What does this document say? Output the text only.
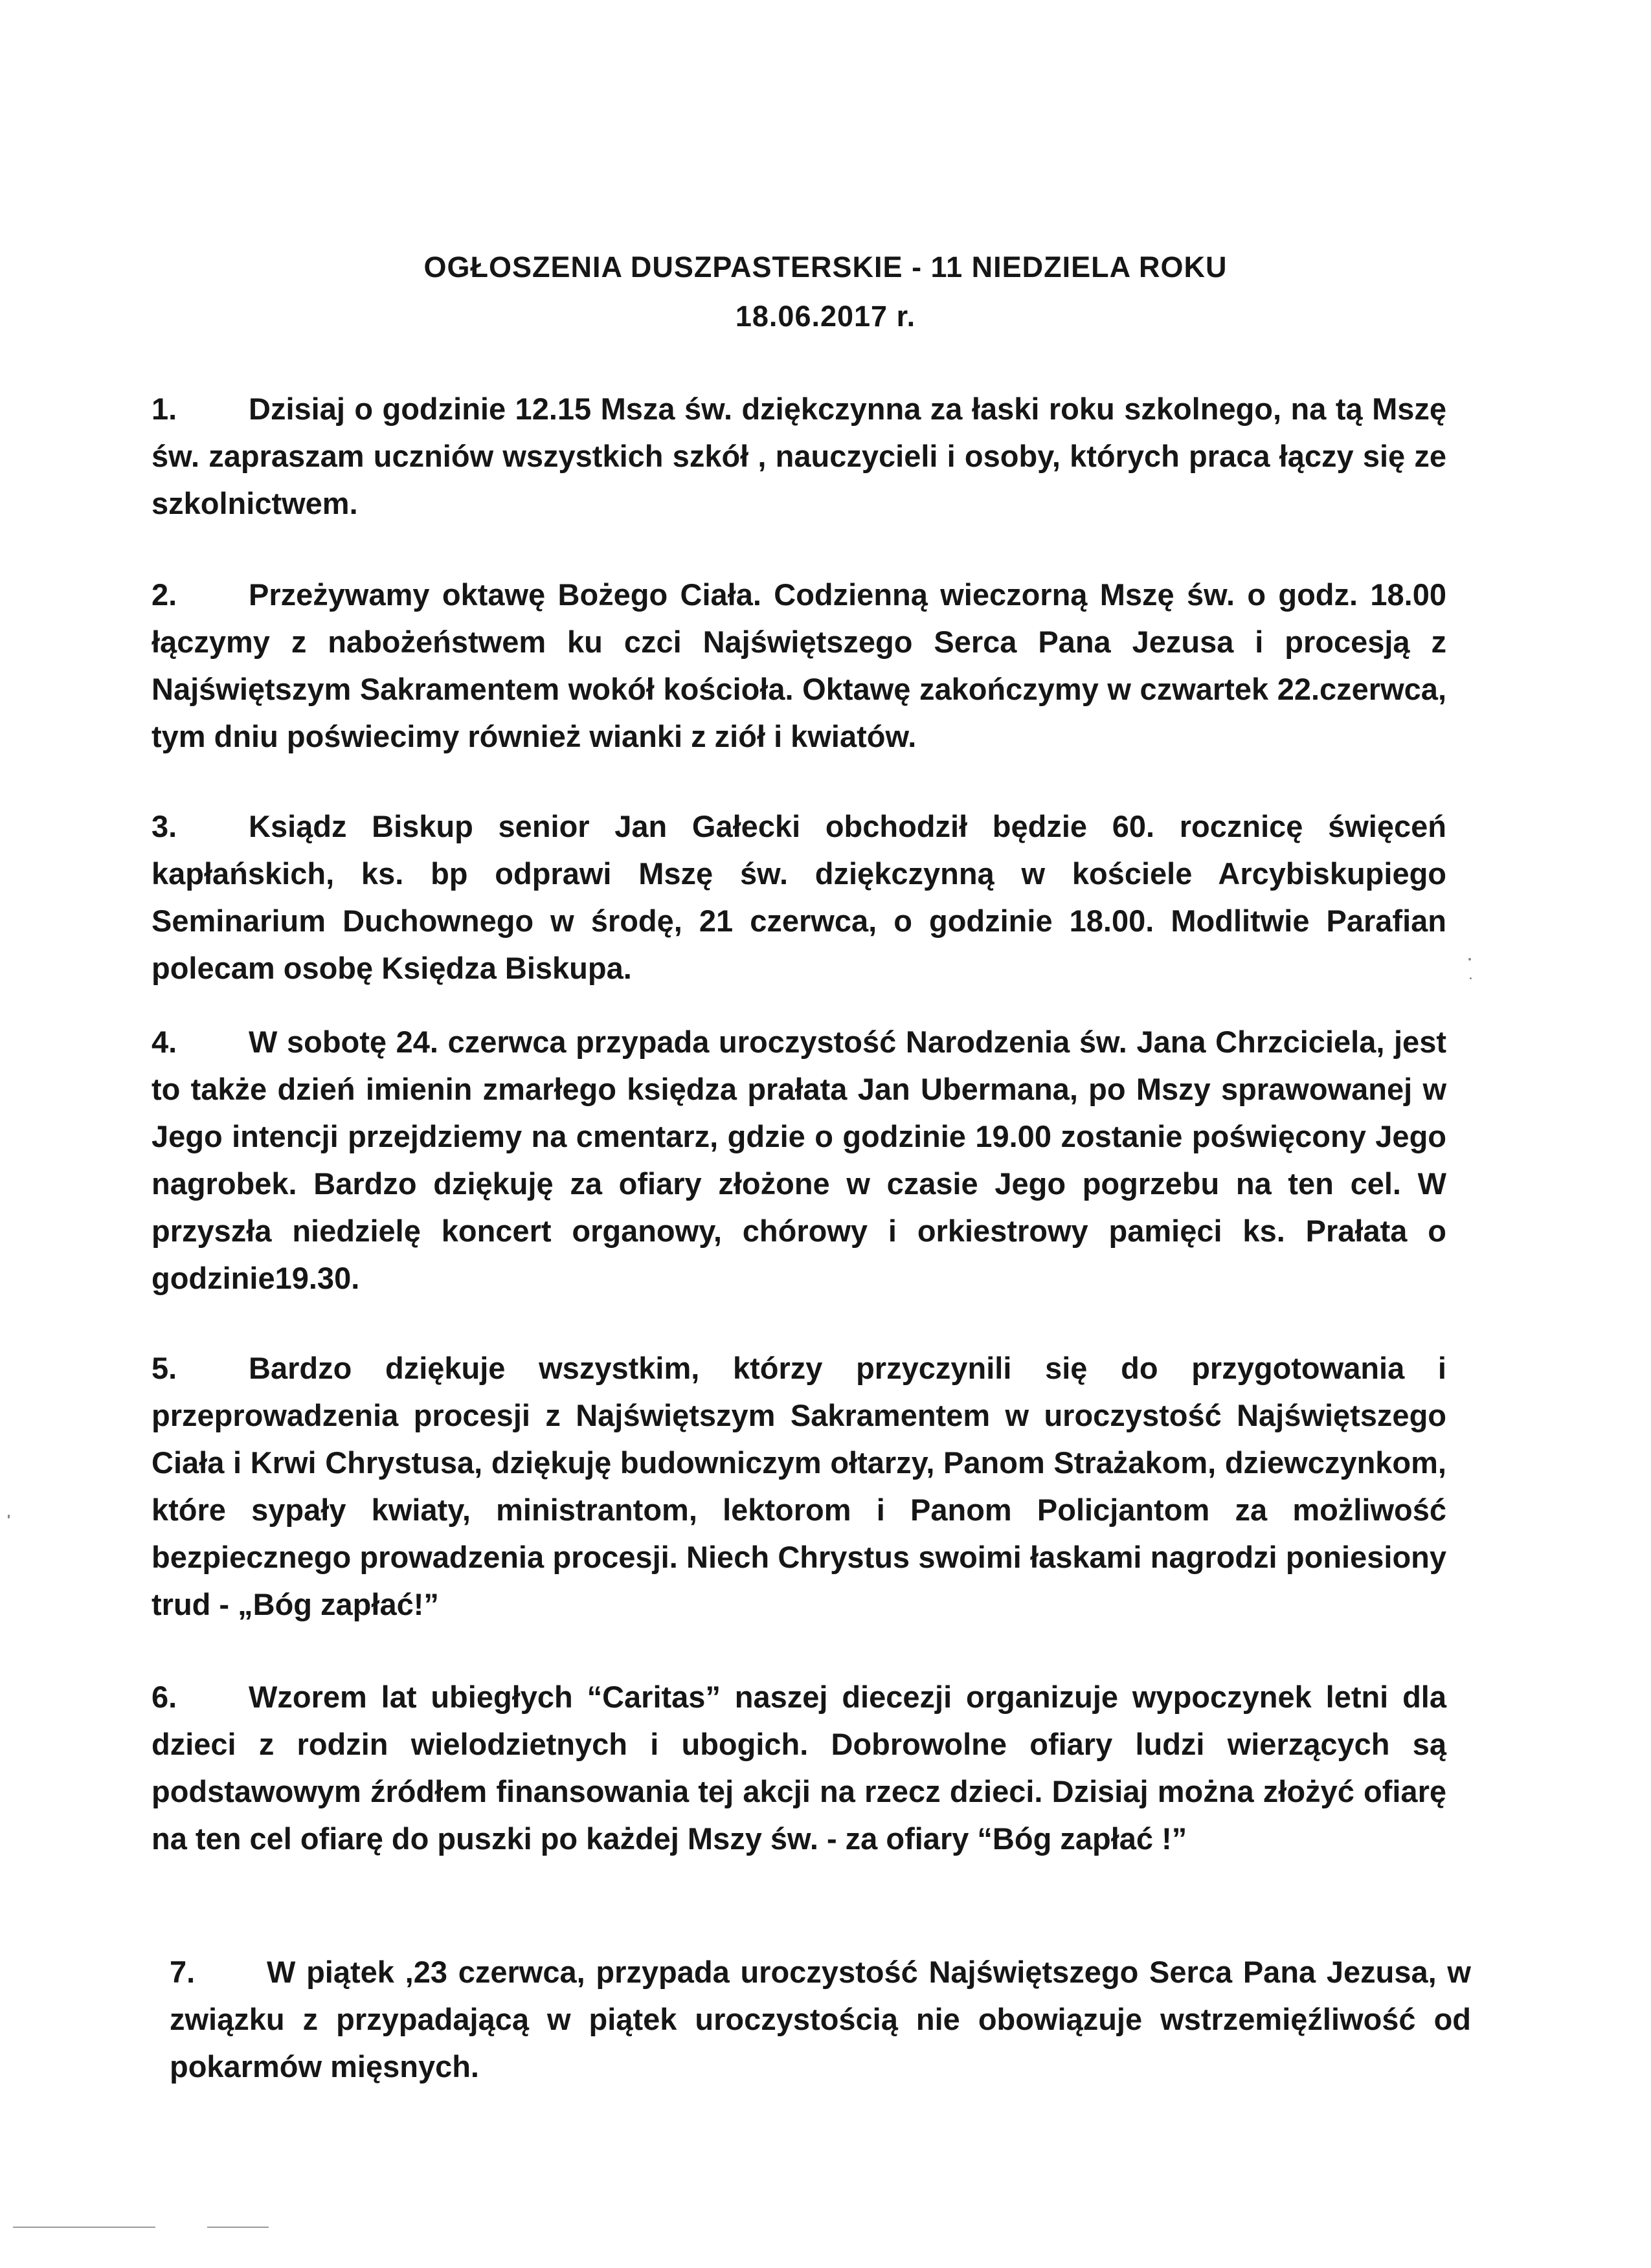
OGŁOSZENIA DUSZPASTERSKIE - 11 NIEDZIELA ROKU
18.06.2017 r.

1. Dzisiaj o godzinie 12.15 Msza św. dziękczynna za łaski roku szkolnego, na tą Mszę św. zapraszam uczniów wszystkich szkół , nauczycieli i osoby, których praca łączy się ze szkolnictwem.

2. Przeżywamy oktawę Bożego Ciała. Codzienną wieczorną Mszę św. o godz. 18.00 łączymy z nabożeństwem ku czci Najświętszego Serca Pana Jezusa i procesją z Najświętszym Sakramentem wokół kościoła. Oktawę zakończymy w czwartek 22.czerwca, tym dniu poświecimy również wianki z ziół i kwiatów.

3. Ksiądz Biskup senior Jan Gałecki obchodził będzie 60. rocznicę święceń kapłańskich, ks. bp odprawi Mszę św. dziękczynną w kościele Arcybiskupiego Seminarium Duchownego w środę, 21 czerwca, o godzinie 18.00. Modlitwie Parafian polecam osobę Księdza Biskupa.

4. W sobotę 24. czerwca przypada uroczystość Narodzenia św. Jana Chrzciciela, jest to także dzień imienin zmarłego księdza prałata Jan Ubermana, po Mszy sprawowanej w Jego intencji przejdziemy na cmentarz, gdzie o godzinie 19.00 zostanie poświęcony Jego nagrobek. Bardzo dziękuję za ofiary złożone w czasie Jego pogrzebu na ten cel. W przyszła niedzielę koncert organowy, chórowy i orkiestrowy pamięci ks. Prałata o godzinie19.30.

5. Bardzo dziękuje wszystkim, którzy przyczynili się do przygotowania i przeprowadzenia procesji z Najświętszym Sakramentem w uroczystość Najświętszego Ciała i Krwi Chrystusa, dziękuję budowniczym ołtarzy, Panom Strażakom, dziewczynkom, które sypały kwiaty, ministrantom, lektorom i Panom Policjantom za możliwość bezpiecznego prowadzenia procesji. Niech Chrystus swoimi łaskami nagrodzi poniesiony trud - „Bóg zapłać!”

6. Wzorem lat ubiegłych “Caritas” naszej diecezji organizuje wypoczynek letni dla dzieci z rodzin wielodzietnych i ubogich. Dobrowolne ofiary ludzi wierzących są podstawowym źródłem finansowania tej akcji na rzecz dzieci. Dzisiaj można złożyć ofiarę na ten cel ofiarę do puszki po każdej Mszy św. - za ofiary “Bóg zapłać !”

7. W piątek ,23 czerwca, przypada uroczystość Najświętszego Serca Pana Jezusa, w związku z przypadającą w piątek uroczystością nie obowiązuje wstrzemięźliwość od pokarmów mięsnych.
